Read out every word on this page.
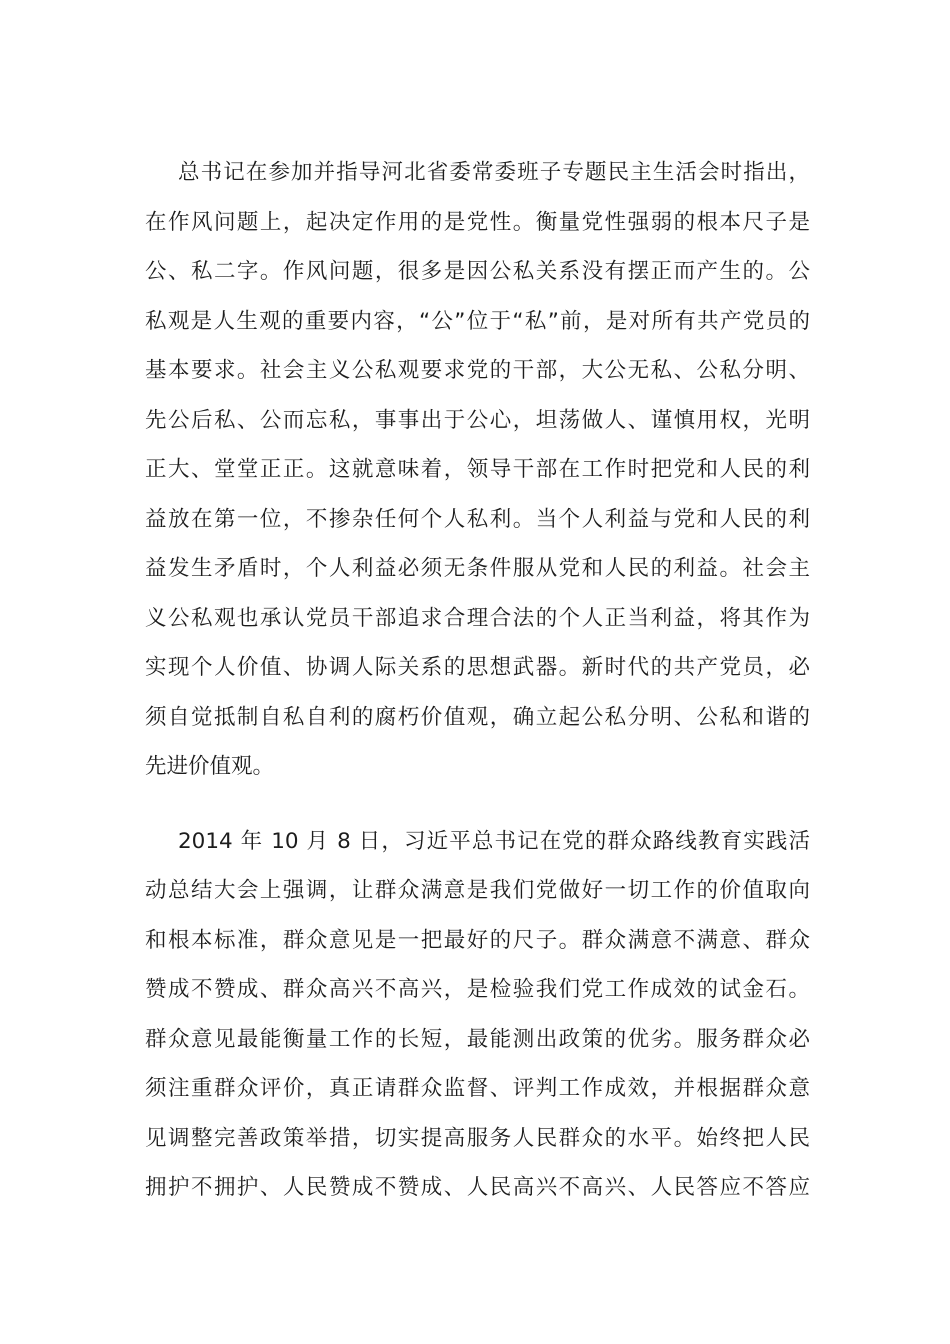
总书记在参加并指导河北省委常委班子专题民主生活会时指出，

在作风问题上，起决定作用的是党性。衡量党性强弱的根本尺子是

公、私二字。作风问题，很多是因公私关系没有摆正而产生的。公

私观是人生观的重要内容，“公”位于“私”前，是对所有共产党员的

基本要求。社会主义公私观要求党的干部，大公无私、公私分明、

先公后私、公而忘私，事事出于公心，坦荡做人、谨慎用权，光明

正大、堂堂正正。这就意味着，领导干部在工作时把党和人民的利

益放在第一位，不掺杂任何个人私利。当个人利益与党和人民的利

益发生矛盾时，个人利益必须无条件服从党和人民的利益。社会主

义公私观也承认党员干部追求合理合法的个人正当利益，将其作为

实现个人价值、协调人际关系的思想武器。新时代的共产党员，必

须自觉抵制自私自利的腐朽价值观，确立起公私分明、公私和谐的

先进价值观。

2014 年 10 月 8 日，习近平总书记在党的群众路线教育实践活

动总结大会上强调，让群众满意是我们党做好一切工作的价值取向

和根本标准，群众意见是一把最好的尺子。群众满意不满意、群众

赞成不赞成、群众高兴不高兴，是检验我们党工作成效的试金石。

群众意见最能衡量工作的长短，最能测出政策的优劣。服务群众必

须注重群众评价，真正请群众监督、评判工作成效，并根据群众意

见调整完善政策举措，切实提高服务人民群众的水平。始终把人民

拥护不拥护、人民赞成不赞成、人民高兴不高兴、人民答应不答应
